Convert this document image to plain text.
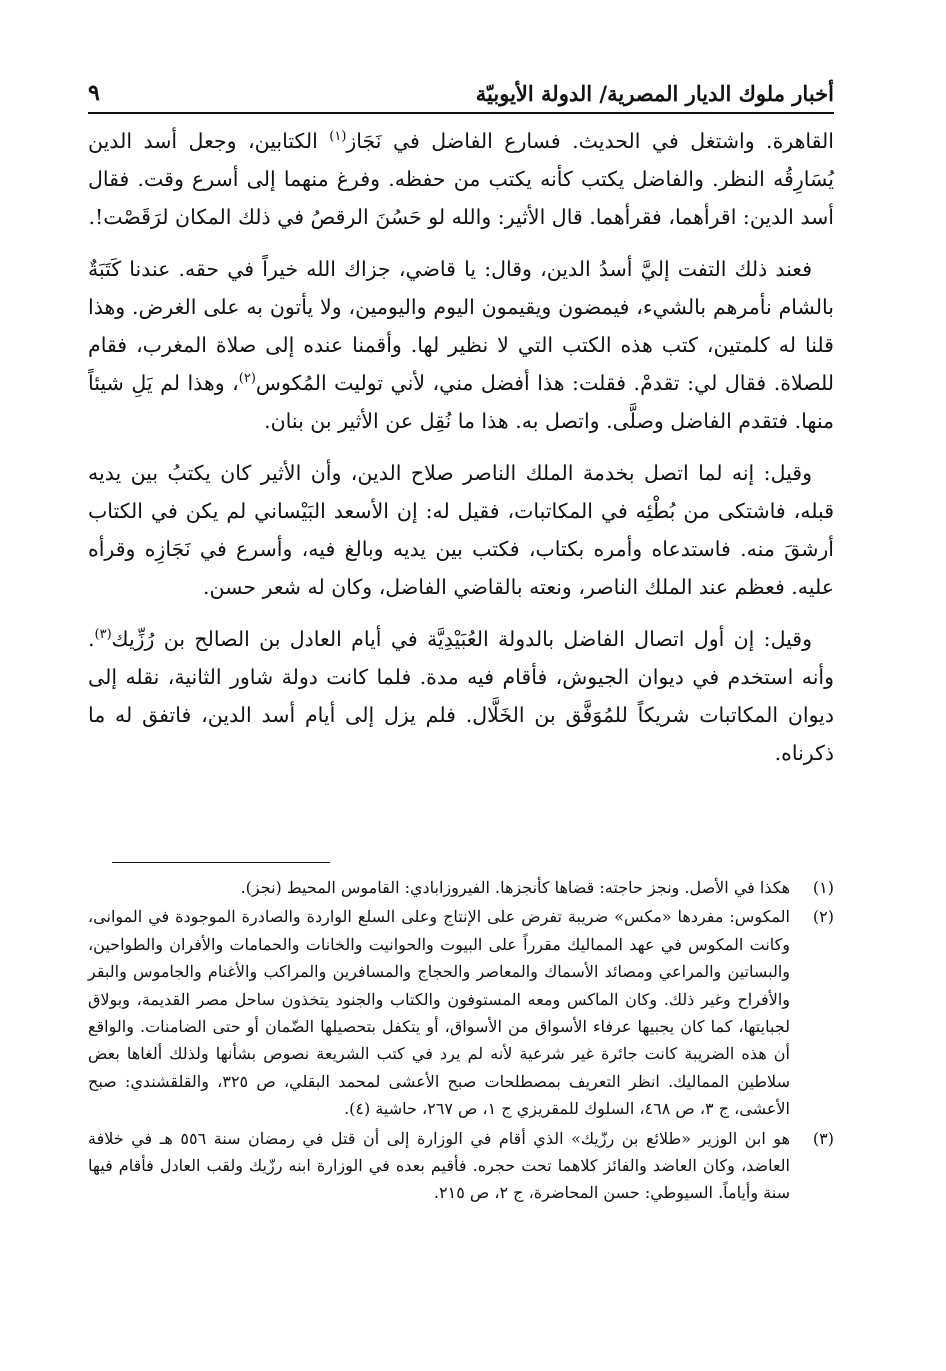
أخبار ملوك الديار المصرية/ الدولة الأيوبيّة
٩

القاهرة. واشتغل في الحديث. فسارع الفاضل في نَجَاز$^{(١)}$ الكتابين، وجعل أسد الدين يُسَارِقُه النظر. والفاضل يكتب كأنه يكتب من حفظه. وفرغ منهما إلى أسرع وقت. فقال أسد الدين: اقرأهما، فقرأهما. قال الأثير: والله لو حَسُنَ الرقصُ في ذلك المكان لرَقَصْت!.

فعند ذلك التفت إليَّ أسدُ الدين، وقال: يا قاضي، جزاك الله خيراً في حقه. عندنا كَتَبَةٌ بالشام نأمرهم بالشيء، فيمضون ويقيمون اليوم واليومين، ولا يأتون به على الغرض. وهذا قلنا له كلمتين، كتب هذه الكتب التي لا نظير لها. وأقمنا عنده إلى صلاة المغرب، فقام للصلاة. فقال لي: تقدمْ. فقلت: هذا أفضل مني، لأني توليت المُكوس$^{(٢)}$، وهذا لم يَلِ شيئاً منها. فتقدم الفاضل وصلَّى. واتصل به. هذا ما نُقِل عن الأثير بن بنان.

وقيل: إنه لما اتصل بخدمة الملك الناصر صلاح الدين، وأن الأثير كان يكتبُ بين يديه قبله، فاشتكى من بُطْئِه في المكاتبات، فقيل له: إن الأسعد البَيْساني لم يكن في الكتاب أرشقَ منه. فاستدعاه وأمره بكتاب، فكتب بين يديه وبالغ فيه، وأسرع في نَجَازِه وقرأه عليه. فعظم عند الملك الناصر، ونعته بالقاضي الفاضل، وكان له شعر حسن.

وقيل: إن أول اتصال الفاضل بالدولة العُبَيْدِيَّة في أيام العادل بن الصالح بن رُزِّيك$^{(٣)}$. وأنه استخدم في ديوان الجيوش، فأقام فيه مدة. فلما كانت دولة شاور الثانية، نقله إلى ديوان المكاتبات شريكاً للمُوَفَّق بن الخَلَّال. فلم يزل إلى أيام أسد الدين، فاتفق له ما ذكرناه.

(١)
هكذا في الأصل. ونجز حاجته: قضاها كأنجزها. الفيروزابادي: القاموس المحيط (نجز).
(٢)
المكوس: مفردها «مكس» ضريبة تفرض على الإنتاج وعلى السلع الواردة والصادرة الموجودة في الموانى، وكانت المكوس في عهد المماليك مقرراً على البيوت والحوانيت والخانات والحمامات والأفران والطواحين، والبساتين والمراعي ومصائد الأسماك والمعاصر والحجاج والمسافرين والمراكب والأغنام والجاموس والبقر والأفراح وغير ذلك. وكان الماكس ومعه المستوفون والكتاب والجنود يتخذون ساحل مصر القديمة، وبولاق لجبايتها، كما كان يجبيها عرفاء الأسواق من الأسواق، أو يتكفل بتحصيلها الضّمان أو حتى الضامنات. والواقع أن هذه الضريبة كانت جائرة غير شرعية لأنه لم يرد في كتب الشريعة نصوص بشأنها ولذلك ألغاها بعض سلاطين المماليك. انظر التعريف بمصطلحات صبح الأعشى لمحمد البقلي، ص ٣٢٥، والقلقشندي: صبح الأعشى، ج ٣، ص ٤٦٨، السلوك للمقريزي ج ١، ص ٢٦٧، حاشية (٤).
(٣)
هو ابن الوزير «طلائع بن رزّيك» الذي أقام في الوزارة إلى أن قتل في رمضان سنة ٥٥٦ هـ في خلافة العاضد، وكان العاضد والفائز كلاهما تحت حجره. فأقيم بعده في الوزارة ابنه رزّيك ولقب العادل فأقام فيها سنة وأياماً. السيوطي: حسن المحاضرة، ج ٢، ص ٢١٥.
